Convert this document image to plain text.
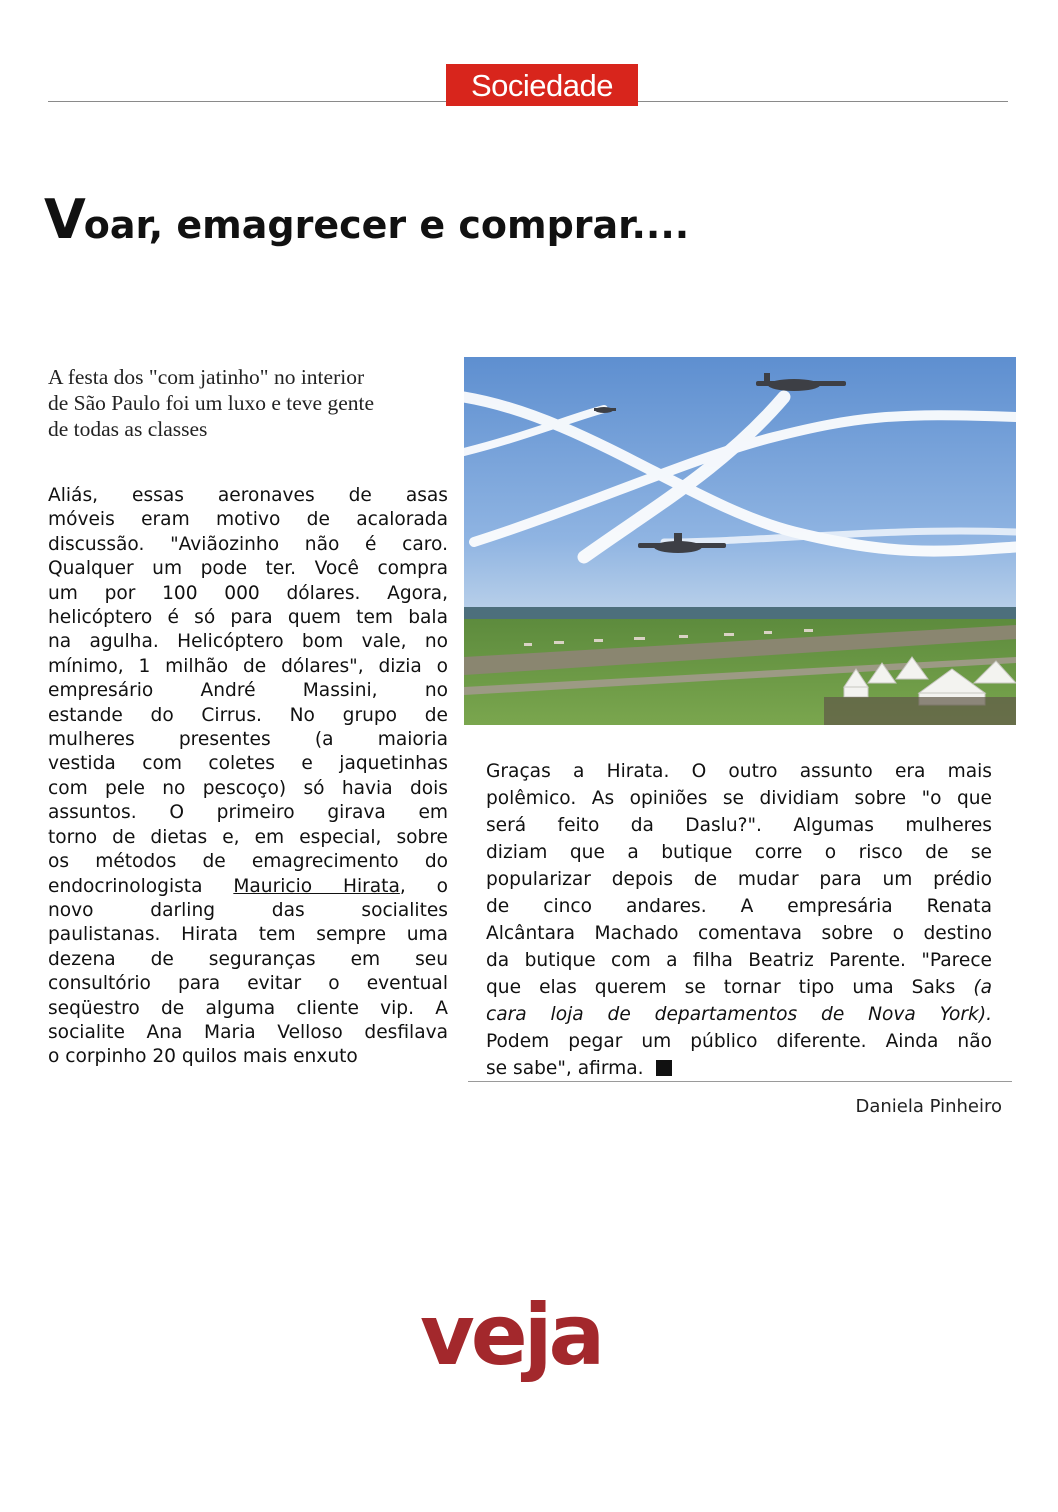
Sociedade
Voar, emagrecer e comprar....
A festa dos "com jatinho" no interior
de São Paulo foi um luxo e teve gente
de todas as classes
Aliás, essas aeronaves de asas
móveis eram motivo de acalorada
discussão. "Aviãozinho não é caro.
Qualquer um pode ter. Você compra
um por 100 000 dólares. Agora,
helicóptero é só para quem tem bala
na agulha. Helicóptero bom vale, no
mínimo, 1 milhão de dólares", dizia o
empresário André Massini, no
estande do Cirrus. No grupo de
mulheres presentes (a maioria
vestida com coletes e jaquetinhas
com pele no pescoço) só havia dois
assuntos. O primeiro girava em
torno de dietas e, em especial, sobre
os métodos de emagrecimento do
endocrinologista Mauricio Hirata, o
novo darling das socialites
paulistanas. Hirata tem sempre uma
dezena de seguranças em seu
consultório para evitar o eventual
seqüestro de alguma cliente vip. A
socialite Ana Maria Velloso desfilava
o corpinho 20 quilos mais enxuto
Graças a Hirata. O outro assunto era mais
polêmico. As opiniões se dividiam sobre "o que
será feito da Daslu?". Algumas mulheres
diziam que a butique corre o risco de se
popularizar depois de mudar para um prédio
de cinco andares. A empresária Renata
Alcântara Machado comentava sobre o destino
da butique com a filha Beatriz Parente. "Parece
que elas querem se tornar tipo uma Saks (a
cara loja de departamentos de Nova York).
Podem pegar um público diferente. Ainda não
se sabe", afirma.
Daniela Pinheiro
veja
